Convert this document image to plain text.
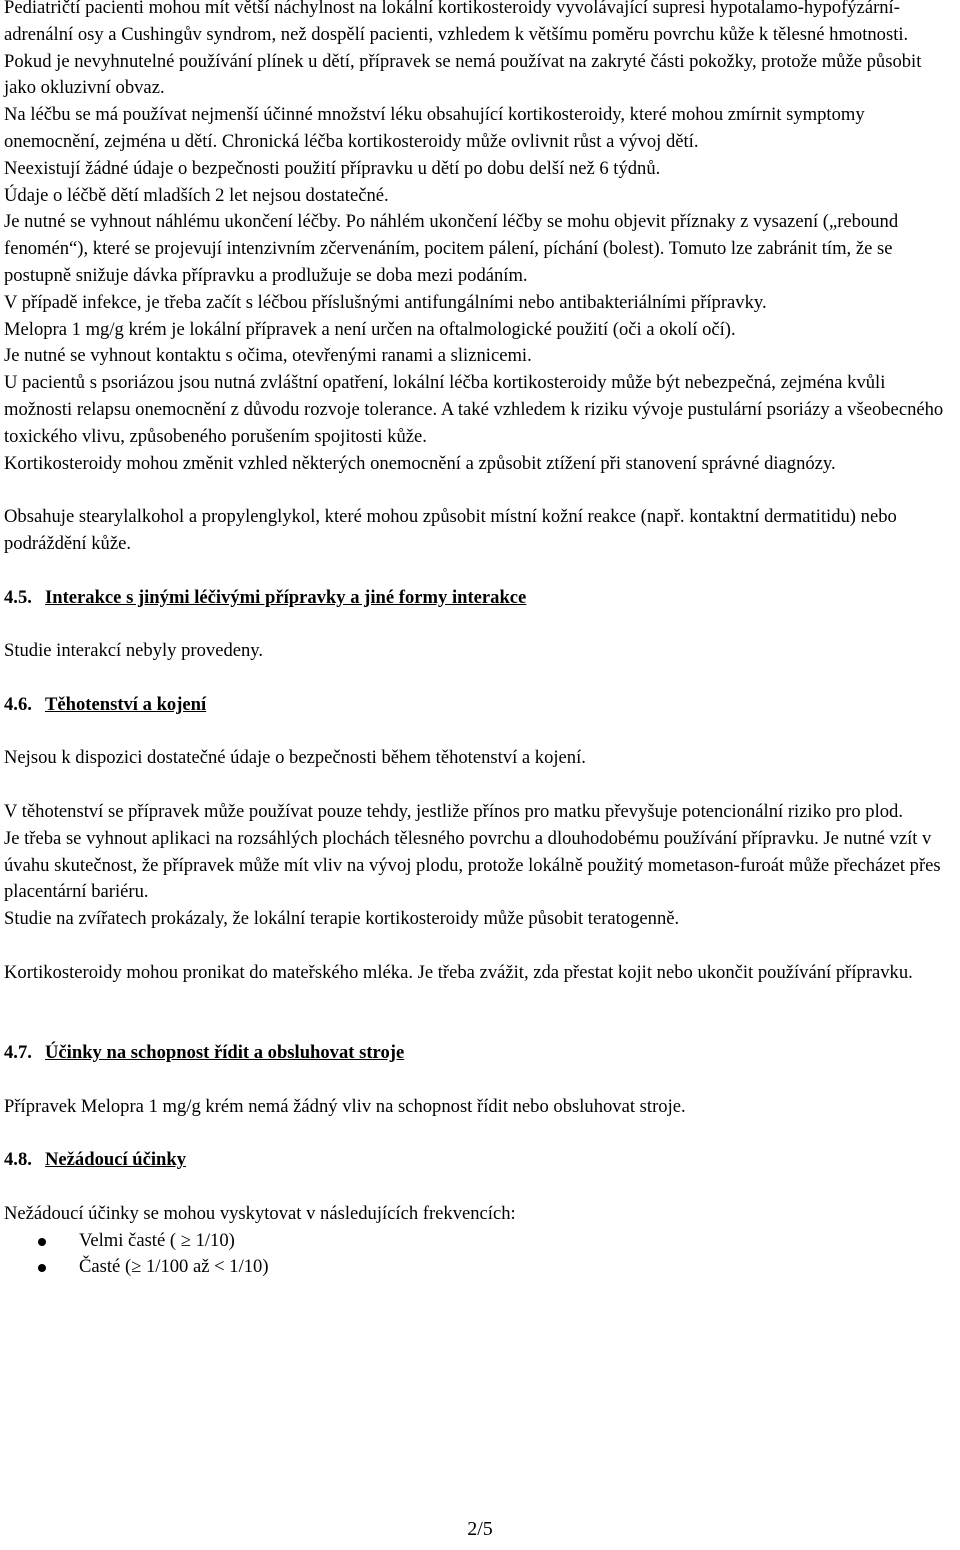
Pediatričtí pacienti mohou mít větší náchylnost na lokální kortikosteroidy vyvolávající supresi hypotalamo-hypofýzární-adrenální osy a Cushingův syndrom, než dospělí pacienti, vzhledem k většímu poměru povrchu kůže k tělesné hmotnosti.

Pokud je nevyhnutelné používání plínek u dětí, přípravek se nemá používat na zakryté části pokožky, protože může působit jako okluzivní obvaz.

Na léčbu se má používat nejmenší účinné množství léku obsahující kortikosteroidy, které mohou zmírnit symptomy onemocnění, zejména u dětí. Chronická léčba kortikosteroidy může ovlivnit růst a vývoj dětí.

Neexistují žádné údaje o bezpečnosti použití přípravku u dětí po dobu delší než 6 týdnů.

Údaje o léčbě dětí mladších 2 let nejsou dostatečné.

Je nutné se vyhnout náhlému ukončení léčby. Po náhlém ukončení léčby se mohu objevit příznaky z vysazení („rebound fenomén“), které se projevují intenzivním zčervenáním, pocitem pálení, píchání (bolest). Tomuto lze zabránit tím, že se postupně snižuje dávka přípravku a prodlužuje se doba mezi podáním.

V případě infekce, je třeba začít s léčbou příslušnými antifungálními nebo antibakteriálními přípravky.

Melopra 1 mg/g krém je lokální přípravek a není určen na oftalmologické použití (oči a okolí očí).

Je nutné se vyhnout kontaktu s očima, otevřenými ranami a sliznicemi.

U pacientů s psoriázou jsou nutná zvláštní opatření, lokální léčba kortikosteroidy může být nebezpečná, zejména kvůli možnosti relapsu onemocnění z důvodu rozvoje tolerance. A také vzhledem k riziku vývoje pustulární psoriázy a všeobecného toxického vlivu, způsobeného porušením spojitosti kůže.

Kortikosteroidy mohou změnit vzhled některých onemocnění a způsobit ztížení při stanovení správné diagnózy.

Obsahuje stearylalkohol a propylenglykol, které mohou způsobit místní kožní reakce (např. kontaktní dermatitidu) nebo podráždění kůže.

4.5. Interakce s jinými léčivými přípravky a jiné formy interakce

Studie interakcí nebyly provedeny.

4.6. Těhotenství a kojení

Nejsou k dispozici dostatečné údaje o bezpečnosti během těhotenství a kojení.

V těhotenství se přípravek může používat pouze tehdy, jestliže přínos pro matku převyšuje potencionální riziko pro plod.

Je třeba se vyhnout aplikaci na rozsáhlých plochách tělesného povrchu a dlouhodobému používání přípravku. Je nutné vzít v úvahu skutečnost, že přípravek může mít vliv na vývoj plodu, protože lokálně použitý mometason-furoát může přecházet přes placentární bariéru.

Studie na zvířatech prokázaly, že lokální terapie kortikosteroidy může působit teratogenně.

Kortikosteroidy mohou pronikat do mateřského mléka. Je třeba zvážit, zda přestat kojit nebo ukončit používání přípravku.

4.7. Účinky na schopnost řídit a obsluhovat stroje

Přípravek Melopra 1 mg/g krém nemá žádný vliv na schopnost řídit nebo obsluhovat stroje.

4.8. Nežádoucí účinky

Nežádoucí účinky se mohou vyskytovat v následujících frekvencích:

Velmi časté ( ≥ 1/10)
Časté (≥ 1/100 až < 1/10)
2/5
